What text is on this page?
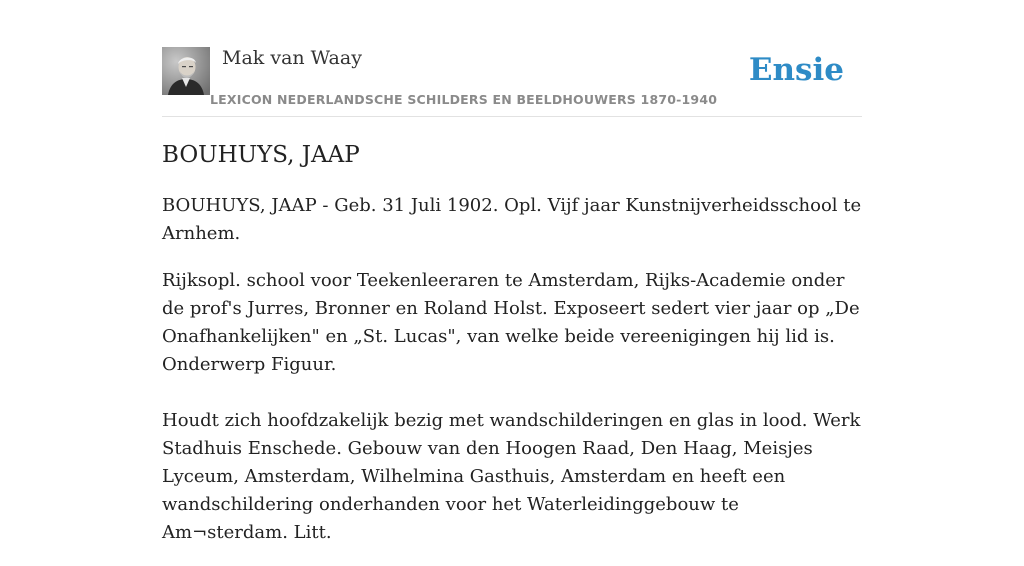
Mak van Waay
LEXICON NEDERLANDSCHE SCHILDERS EN BEELDHOUWERS 1870-1940
Ensie
BOUHUYS, JAAP

BOUHUYS, JAAP - Geb. 31 Juli 1902. Opl. Vijf jaar Kunstnijverheidsschool te Arnhem.

Rijksopl. school voor Teekenleeraren te Amsterdam, Rijks-Academie onder de prof's Jurres, Bronner en Roland Holst. Exposeert sedert vier jaar op „De Onafhankelijken" en „St. Lucas", van welke beide vereenigingen hij lid is. Onderwerp Figuur.

Houdt zich hoofdzakelijk bezig met wandschilderingen en glas in lood. Werk Stadhuis Enschede. Gebouw van den Hoogen Raad, Den Haag, Meisjes Lyceum, Amsterdam, Wilhelmina Gasthuis, Amsterdam en heeft een wandschildering onderhanden voor het Waterleidinggebouw te Am¬sterdam. Litt.
